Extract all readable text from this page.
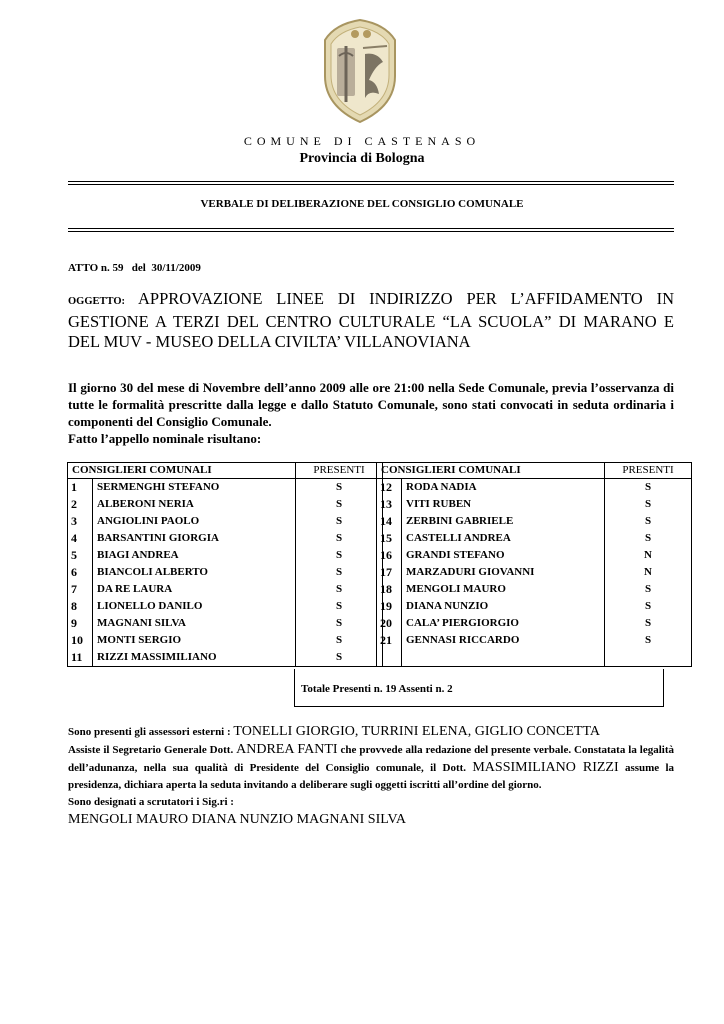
COMUNE DI CASTENASO
Provincia di Bologna
VERBALE DI DELIBERAZIONE DEL CONSIGLIO COMUNALE
ATTO n. 59 del 30/11/2009
OGGETTO: APPROVAZIONE LINEE DI INDIRIZZO PER L’AFFIDAMENTO IN GESTIONE A TERZI DEL CENTRO CULTURALE “LA SCUOLA” DI MARANO E DEL MUV - MUSEO DELLA CIVILTA’ VILLANOVIANA
Il giorno 30 del mese di Novembre dell’anno 2009 alle ore 21:00 nella Sede Comunale, previa l’osservanza di tutte le formalità prescritte dalla legge e dallo Statuto Comunale, sono stati convocati in seduta ordinaria i componenti del Consiglio Comunale.
Fatto l’appello nominale risultano:
CONSIGLIERI COMUNALI		PRESENTI
1	SERMENGHI STEFANO	S
2	ALBERONI NERIA	S
3	ANGIOLINI PAOLO	S
4	BARSANTINI GIORGIA	S
5	BIAGI ANDREA	S
6	BIANCOLI ALBERTO	S
7	DA RE LAURA	S
8	LIONELLO DANILO	S
9	MAGNANI SILVA	S
10	MONTI SERGIO	S
11	RIZZI MASSIMILIANO	S
CONSIGLIERI COMUNALI		PRESENTI
12	RODA NADIA	S
13	VITI RUBEN	S
14	ZERBINI GABRIELE	S
15	CASTELLI ANDREA	S
16	GRANDI STEFANO	N
17	MARZADURI GIOVANNI	N
18	MENGOLI MAURO	S
19	DIANA NUNZIO	S
20	CALA’ PIERGIORGIO	S
21	GENNASI RICCARDO	S

Totale Presenti n. 19 Assenti n. 2
Sono presenti gli assessori esterni : TONELLI GIORGIO, TURRINI ELENA, GIGLIO CONCETTA
Assiste il Segretario Generale Dott. ANDREA FANTI che provvede alla redazione del presente verbale. Constatata la legalità dell’adunanza, nella sua qualità di Presidente del Consiglio comunale, il Dott. MASSIMILIANO RIZZI assume la presidenza, dichiara aperta la seduta invitando a deliberare sugli oggetti iscritti all’ordine del giorno.
Sono designati a scrutatori i Sig.ri :
MENGOLI MAURO DIANA NUNZIO MAGNANI SILVA
